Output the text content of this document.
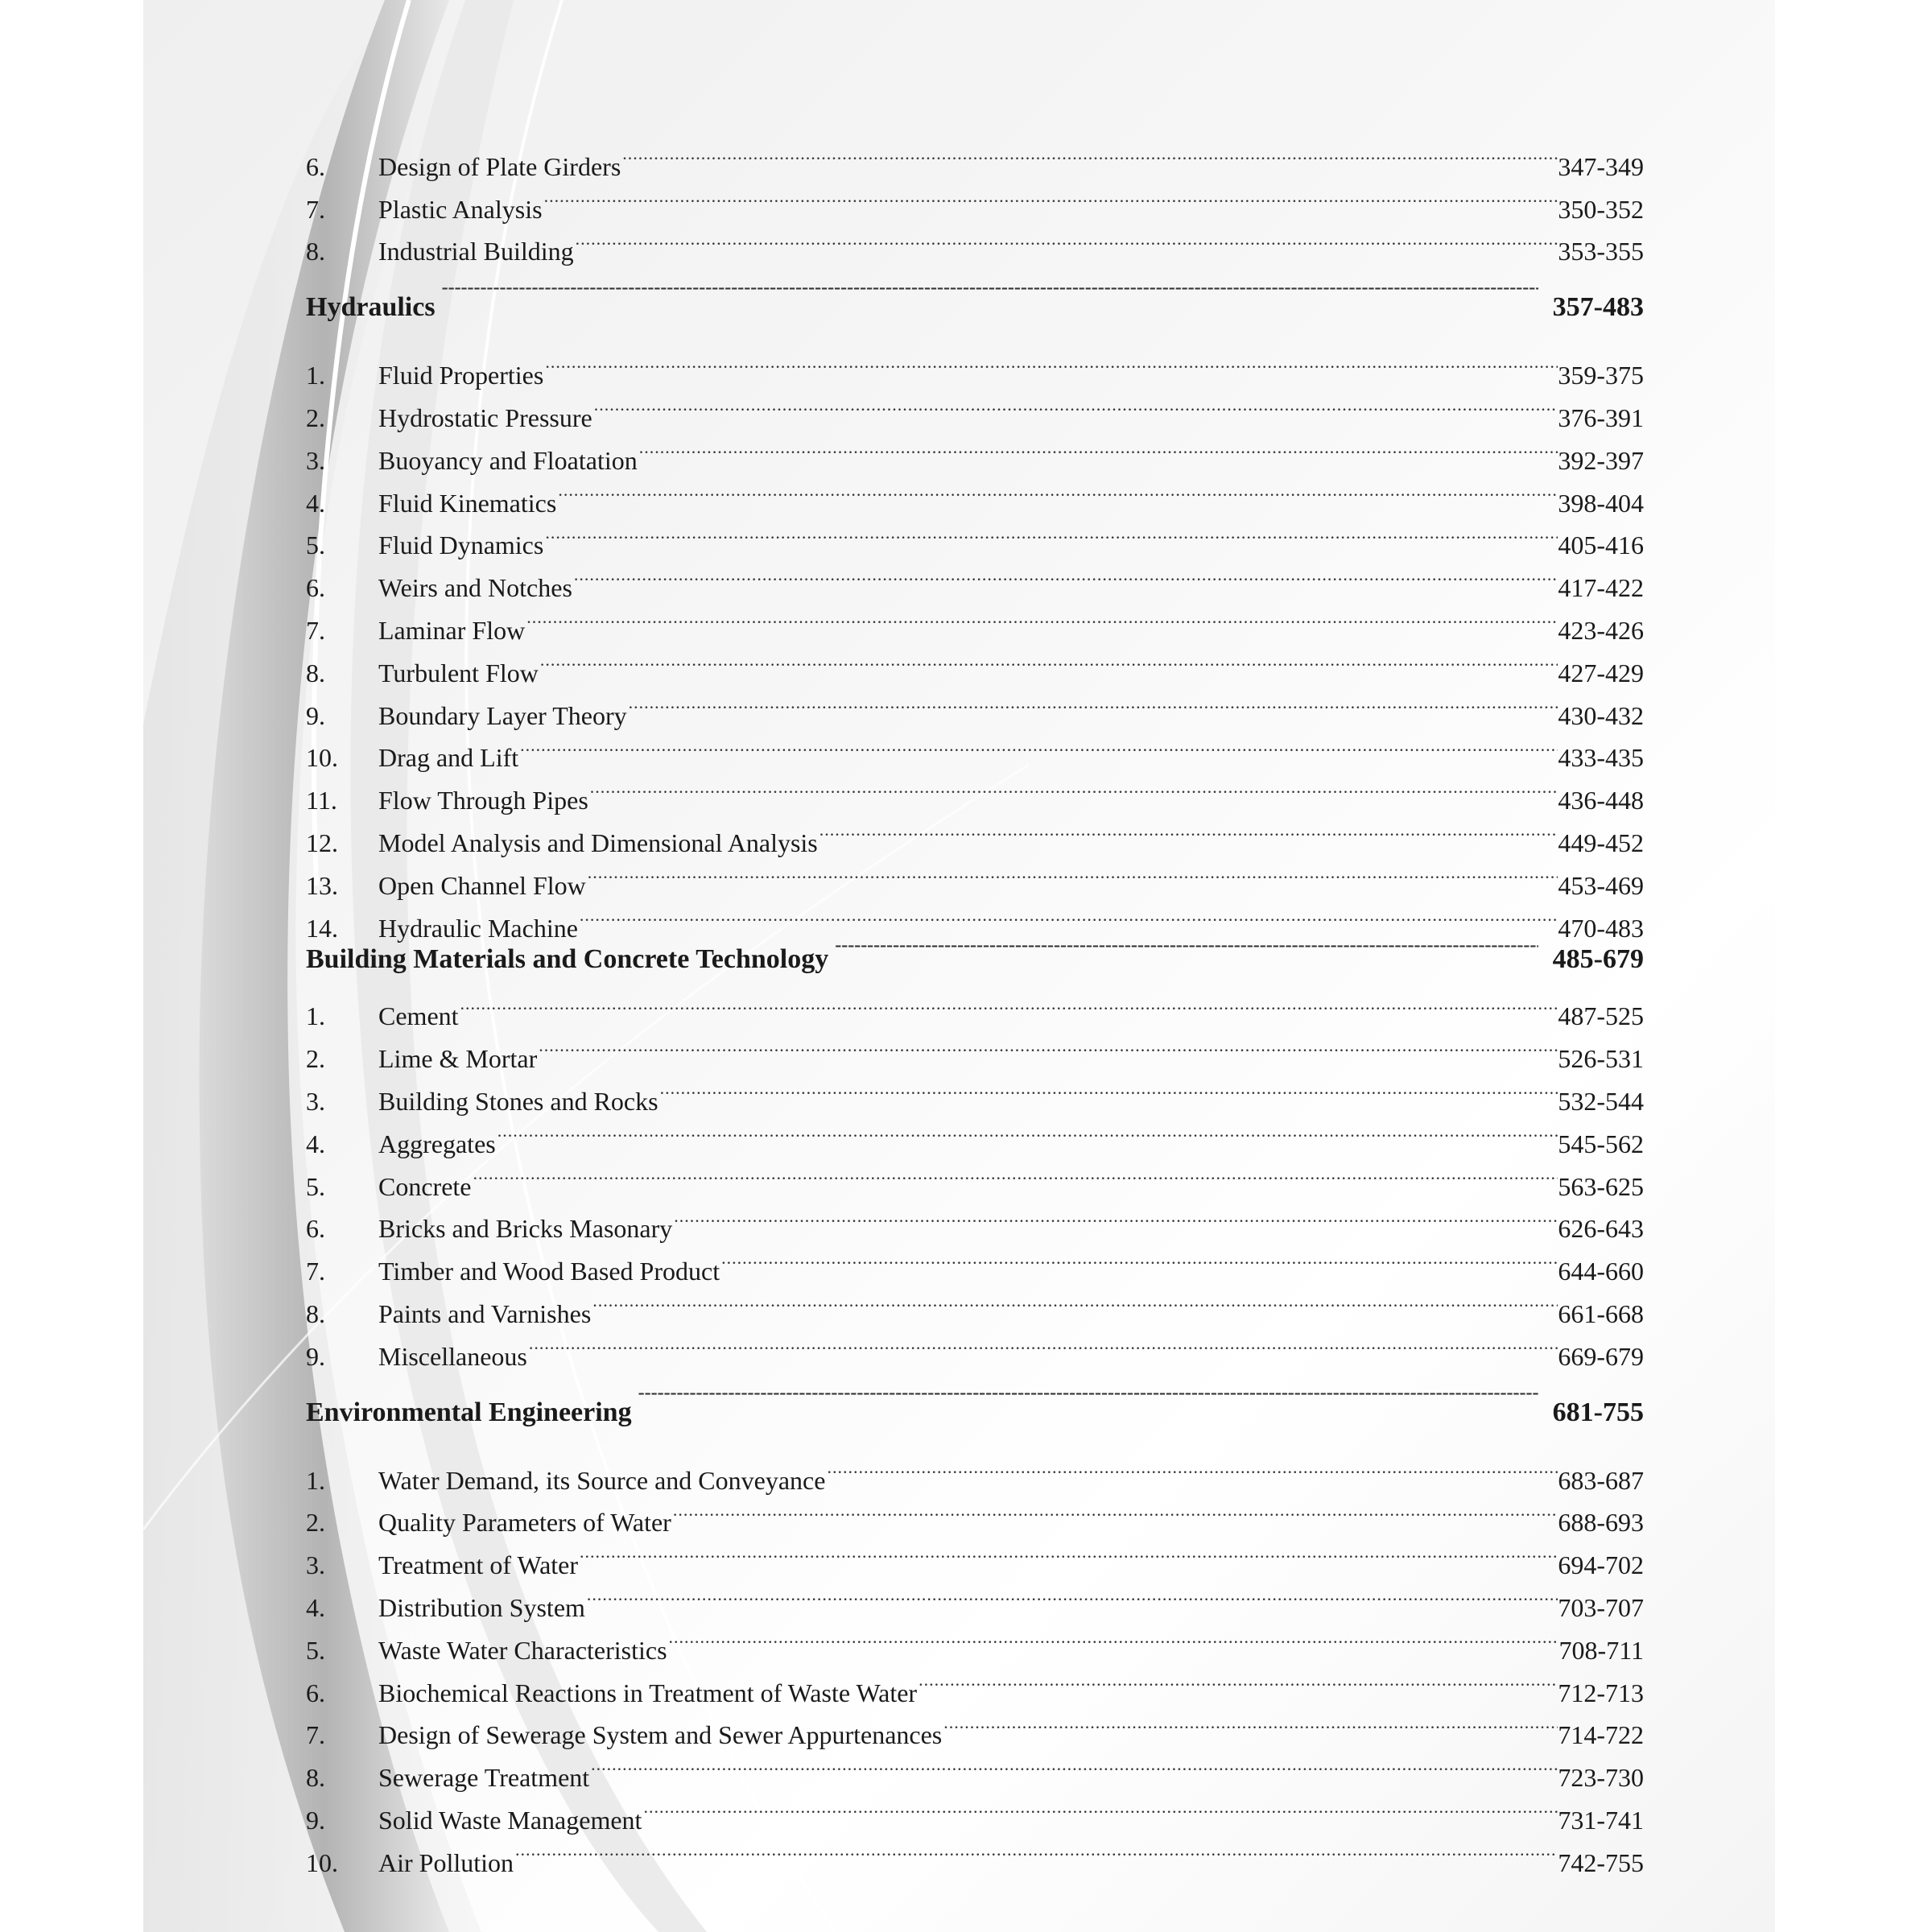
6.	Design of Plate Girders .....	347-349
7.	Plastic Analysis .....	350-352
8.	Industrial Building .....	353-355
Hydraulics -----	357-483
1.	Fluid Properties .....	359-375
2.	Hydrostatic Pressure .....	376-391
3.	Buoyancy and Floatation .....	392-397
4.	Fluid Kinematics .....	398-404
5.	Fluid Dynamics .....	405-416
6.	Weirs and Notches .....	417-422
7.	Laminar Flow .....	423-426
8.	Turbulent Flow .....	427-429
9.	Boundary Layer Theory .....	430-432
10.	Drag and Lift .....	433-435
11.	Flow Through Pipes .....	436-448
12.	Model Analysis and Dimensional Analysis .....	449-452
13.	Open Channel Flow .....	453-469
14.	Hydraulic Machine .....	470-483
Building Materials and Concrete Technology -----	485-679
1.	Cement .....	487-525
2.	Lime & Mortar .....	526-531
3.	Building Stones and Rocks .....	532-544
4.	Aggregates .....	545-562
5.	Concrete .....	563-625
6.	Bricks and Bricks Masonary .....	626-643
7.	Timber and Wood Based Product .....	644-660
8.	Paints and Varnishes .....	661-668
9.	Miscellaneous .....	669-679
Environmental Engineering -----	681-755
1.	Water Demand, its Source and Conveyance .....	683-687
2.	Quality Parameters of Water .....	688-693
3.	Treatment of Water .....	694-702
4.	Distribution System .....	703-707
5.	Waste Water Characteristics .....	708-711
6.	Biochemical Reactions in Treatment of Waste Water .....	712-713
7.	Design of Sewerage System and Sewer Appurtenances .....	714-722
8.	Sewerage Treatment .....	723-730
9.	Solid Waste Management .....	731-741
10.	Air Pollution .....	742-755
